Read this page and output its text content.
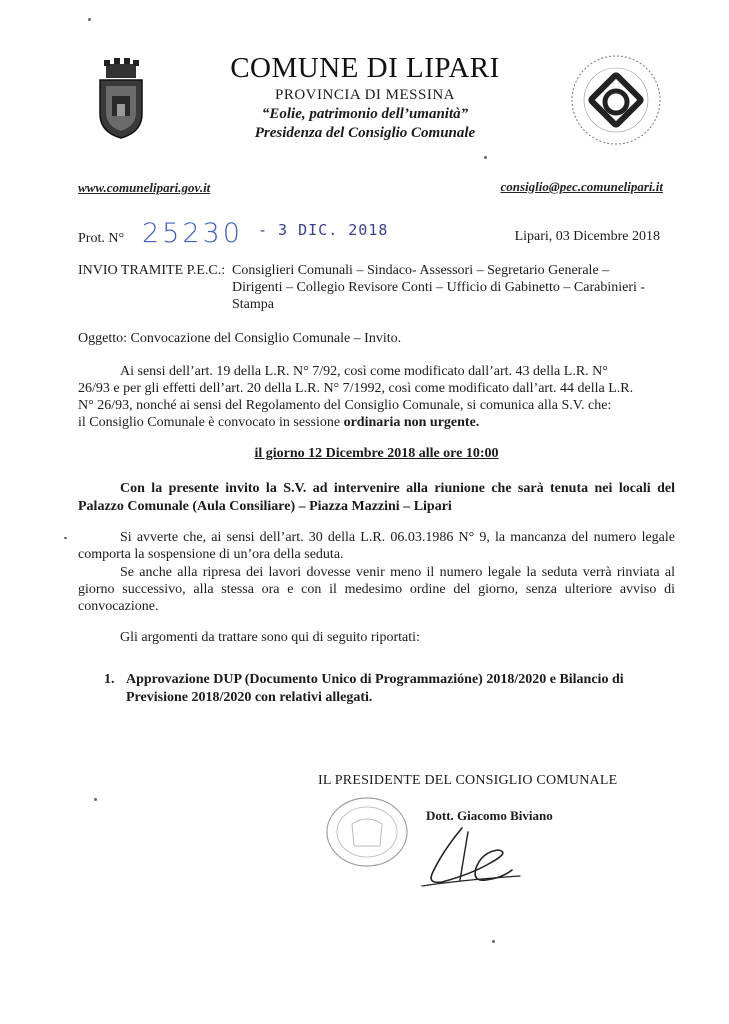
COMUNE DI LIPARI
PROVINCIA DI MESSINA
“Eolie, patrimonio dell’umanità”
Presidenza del Consiglio Comunale
www.comunelipari.gov.it	consiglio@pec.comunelipari.it
Prot. N° 25230 - 3 DIC. 2018	Lipari, 03 Dicembre 2018
INVIO TRAMITE P.E.C.: Consiglieri Comunali – Sindaco- Assessori – Segretario Generale –
Dirigenti – Collegio Revisore Conti – Ufficio di Gabinetto – Carabinieri -
Stampa
Oggetto: Convocazione del Consiglio Comunale – Invito.
Ai sensi dell’art. 19 della L.R. N° 7/92, così come modificato dall’art. 43 della L.R. N°
26/93 e per gli effetti dell’art. 20 della L.R. N° 7/1992, così come modificato dall’art. 44 della L.R.
N° 26/93, nonché ai sensi del Regolamento del Consiglio Comunale, si comunica alla S.V. che:
il Consiglio Comunale è convocato in sessione ordinaria non urgente.
il giorno 12 Dicembre 2018 alle ore 10:00
Con la presente invito la S.V. ad intervenire alla riunione che sarà tenuta nei locali del Palazzo Comunale (Aula Consiliare) – Piazza Mazzini – Lipari
Si avverte che, ai sensi dell’art. 30 della L.R. 06.03.1986 N° 9, la mancanza del numero legale comporta la sospensione di un’ora della seduta.
Se anche alla ripresa dei lavori dovesse venir meno il numero legale la seduta verrà rinviata al giorno successivo, alla stessa ora e con il medesimo ordine del giorno, senza ulteriore avviso di convocazione.
Gli argomenti da trattare sono qui di seguito riportati:
1. Approvazione DUP (Documento Unico di Programmazióne) 2018/2020 e Bilancio di Previsione 2018/2020 con relativi allegati.
IL PRESIDENTE DEL CONSIGLIO COMUNALE
Dott. Giacomo Biviano
